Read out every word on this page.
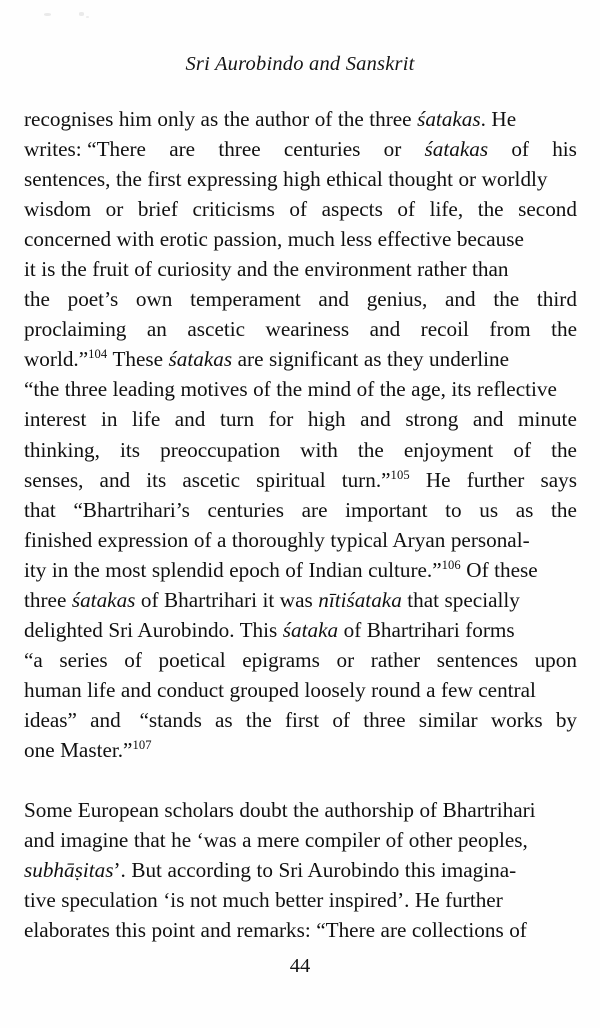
Sri Aurobindo and Sanskrit

recognises him only as the author of the three śatakas. He
writes: “There are three centuries or śatakas of his
sentences, the first expressing high ethical thought or worldly
wisdom or brief criticisms of aspects of life, the second
concerned with erotic passion, much less effective because
it is the fruit of curiosity and the environment rather than
the poet’s own temperament and genius, and the third
proclaiming an ascetic weariness and recoil from the
world.”$^{104}$ These śatakas are significant as they underline
“the three leading motives of the mind of the age, its reflective
interest in life and turn for high and strong and minute
thinking, its preoccupation with the enjoyment of the
senses, and its ascetic spiritual turn.”$^{105}$ He further says
that “Bhartrihari’s centuries are important to us as the
finished expression of a thoroughly typical Aryan personal-
ity in the most splendid epoch of Indian culture.”$^{106}$ Of these
three śatakas of Bhartrihari it was nītiśataka that specially
delighted Sri Aurobindo. This śataka of Bhartrihari forms
“a series of poetical epigrams or rather sentences upon
human life and conduct grouped loosely round a few central
ideas” and “stands as the first of three similar works by
one Master.”$^{107}$

Some European scholars doubt the authorship of Bhartrihari
and imagine that he ‘was a mere compiler of other peoples,
subhāṣitas’. But according to Sri Aurobindo this imagina-
tive speculation ‘is not much better inspired’. He further
elaborates this point and remarks: “There are collections of

44
